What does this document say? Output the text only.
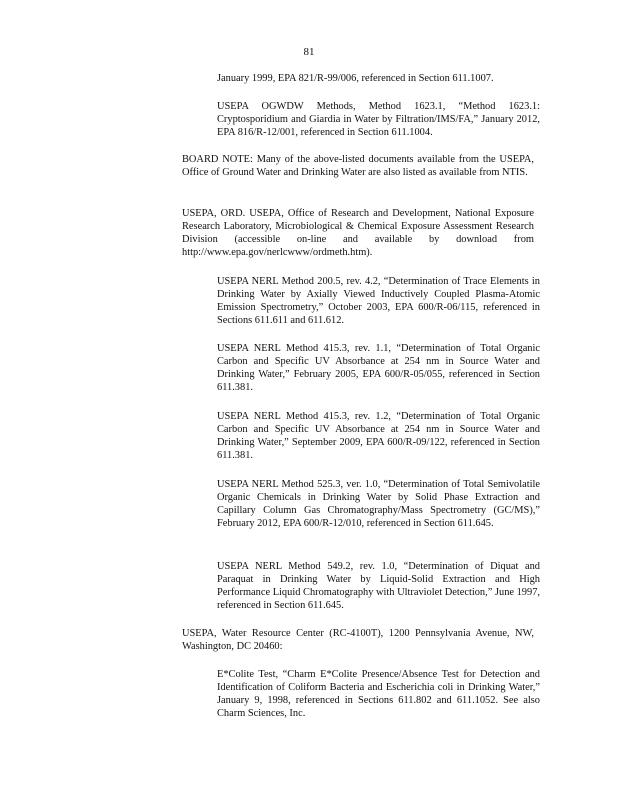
81

January 1999, EPA 821/R-99/006, referenced in Section 611.1007.

USEPA OGWDW Methods, Method 1623.1, “Method 1623.1: Cryptosporidium and Giardia in Water by Filtration/IMS/FA,” January 2012, EPA 816/R-12/001, referenced in Section 611.1004.

BOARD NOTE: Many of the above-listed documents available from the USEPA, Office of Ground Water and Drinking Water are also listed as available from NTIS.

USEPA, ORD. USEPA, Office of Research and Development, National Exposure Research Laboratory, Microbiological & Chemical Exposure Assessment Research Division (accessible on-line and available by download from http://www.epa.gov/nerlcwww/ordmeth.htm).

USEPA NERL Method 200.5, rev. 4.2, “Determination of Trace Elements in Drinking Water by Axially Viewed Inductively Coupled Plasma-Atomic Emission Spectrometry,” October 2003, EPA 600/R-06/115, referenced in Sections 611.611 and 611.612.

USEPA NERL Method 415.3, rev. 1.1, “Determination of Total Organic Carbon and Specific UV Absorbance at 254 nm in Source Water and Drinking Water,” February 2005, EPA 600/R-05/055, referenced in Section 611.381.

USEPA NERL Method 415.3, rev. 1.2, “Determination of Total Organic Carbon and Specific UV Absorbance at 254 nm in Source Water and Drinking Water,” September 2009, EPA 600/R-09/122, referenced in Section 611.381.

USEPA NERL Method 525.3, ver. 1.0, “Determination of Total Semivolatile Organic Chemicals in Drinking Water by Solid Phase Extraction and Capillary Column Gas Chromatography/Mass Spectrometry (GC/MS),” February 2012, EPA 600/R-12/010, referenced in Section 611.645.

USEPA NERL Method 549.2, rev. 1.0, “Determination of Diquat and Paraquat in Drinking Water by Liquid-Solid Extraction and High Performance Liquid Chromatography with Ultraviolet Detection,” June 1997, referenced in Section 611.645.

USEPA, Water Resource Center (RC-4100T), 1200 Pennsylvania Avenue, NW, Washington, DC 20460:

E*Colite Test, “Charm E*Colite Presence/Absence Test for Detection and Identification of Coliform Bacteria and Escherichia coli in Drinking Water,” January 9, 1998, referenced in Sections 611.802 and 611.1052. See also Charm Sciences, Inc.
